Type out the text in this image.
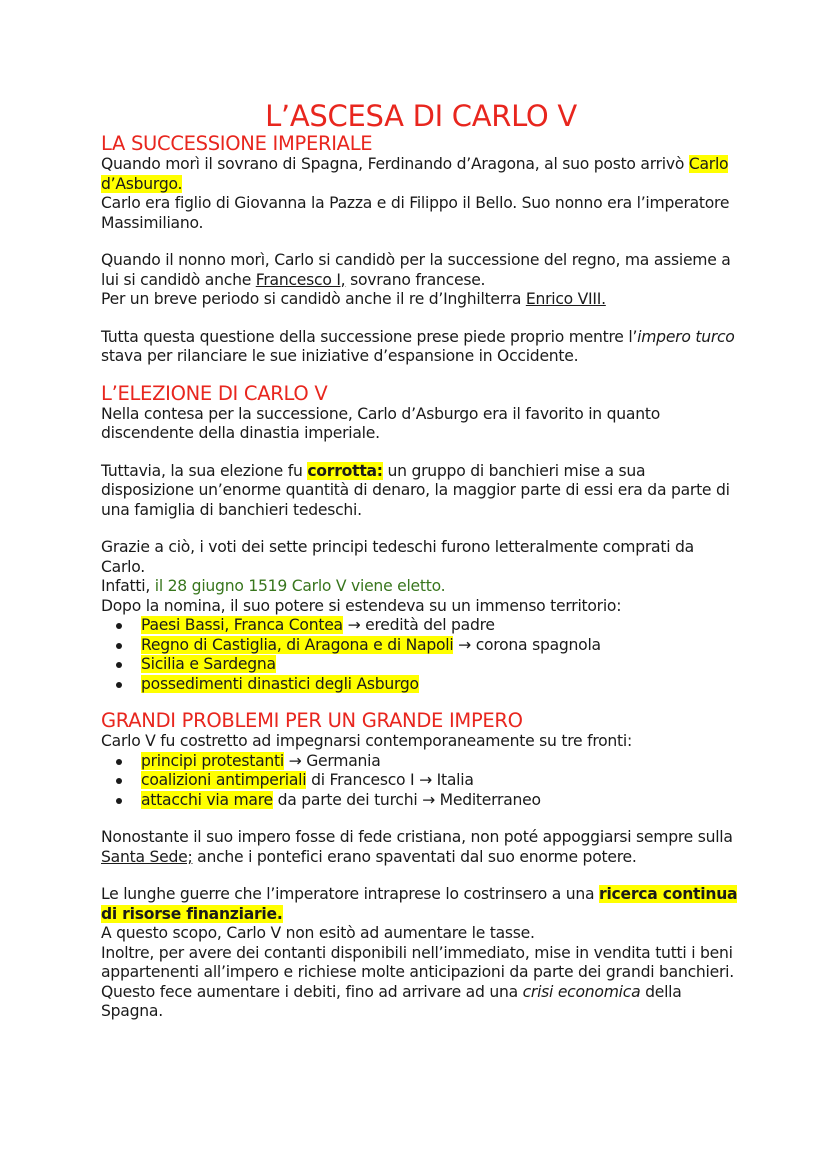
L’ASCESA DI CARLO V
LA SUCCESSIONE IMPERIALE

Quando morì il sovrano di Spagna, Ferdinando d’Aragona, al suo posto arrivò Carlo d’Asburgo.

Carlo era figlio di Giovanna la Pazza e di Filippo il Bello. Suo nonno era l’imperatore Massimiliano.

Quando il nonno morì, Carlo si candidò per la successione del regno, ma assieme a lui si candidò anche Francesco I, sovrano francese.

Per un breve periodo si candidò anche il re d’Inghilterra Enrico VIII.

Tutta questa questione della successione prese piede proprio mentre l’impero turco stava per rilanciare le sue iniziative d’espansione in Occidente.

L’ELEZIONE DI CARLO V

Nella contesa per la successione, Carlo d’Asburgo era il favorito in quanto discendente della dinastia imperiale.

Tuttavia, la sua elezione fu corrotta: un gruppo di banchieri mise a sua disposizione un’enorme quantità di denaro, la maggior parte di essi era da parte di una famiglia di banchieri tedeschi.

Grazie a ciò, i voti dei sette principi tedeschi furono letteralmente comprati da Carlo.

Infatti, il 28 giugno 1519 Carlo V viene eletto.

Dopo la nomina, il suo potere si estendeva su un immenso territorio:

Paesi Bassi, Franca Contea → eredità del padre
Regno di Castiglia, di Aragona e di Napoli → corona spagnola
Sicilia e Sardegna
possedimenti dinastici degli Asburgo
GRANDI PROBLEMI PER UN GRANDE IMPERO

Carlo V fu costretto ad impegnarsi contemporaneamente su tre fronti:

principi protestanti → Germania
coalizioni antimperiali di Francesco I → Italia
attacchi via mare da parte dei turchi → Mediterraneo

Nonostante il suo impero fosse di fede cristiana, non poté appoggiarsi sempre sulla Santa Sede; anche i pontefici erano spaventati dal suo enorme potere.

Le lunghe guerre che l’imperatore intraprese lo costrinsero a una ricerca continua di risorse finanziarie.

A questo scopo, Carlo V non esitò ad aumentare le tasse.

Inoltre, per avere dei contanti disponibili nell’immediato, mise in vendita tutti i beni appartenenti all’impero e richiese molte anticipazioni da parte dei grandi banchieri.

Questo fece aumentare i debiti, fino ad arrivare ad una crisi economica della Spagna.
